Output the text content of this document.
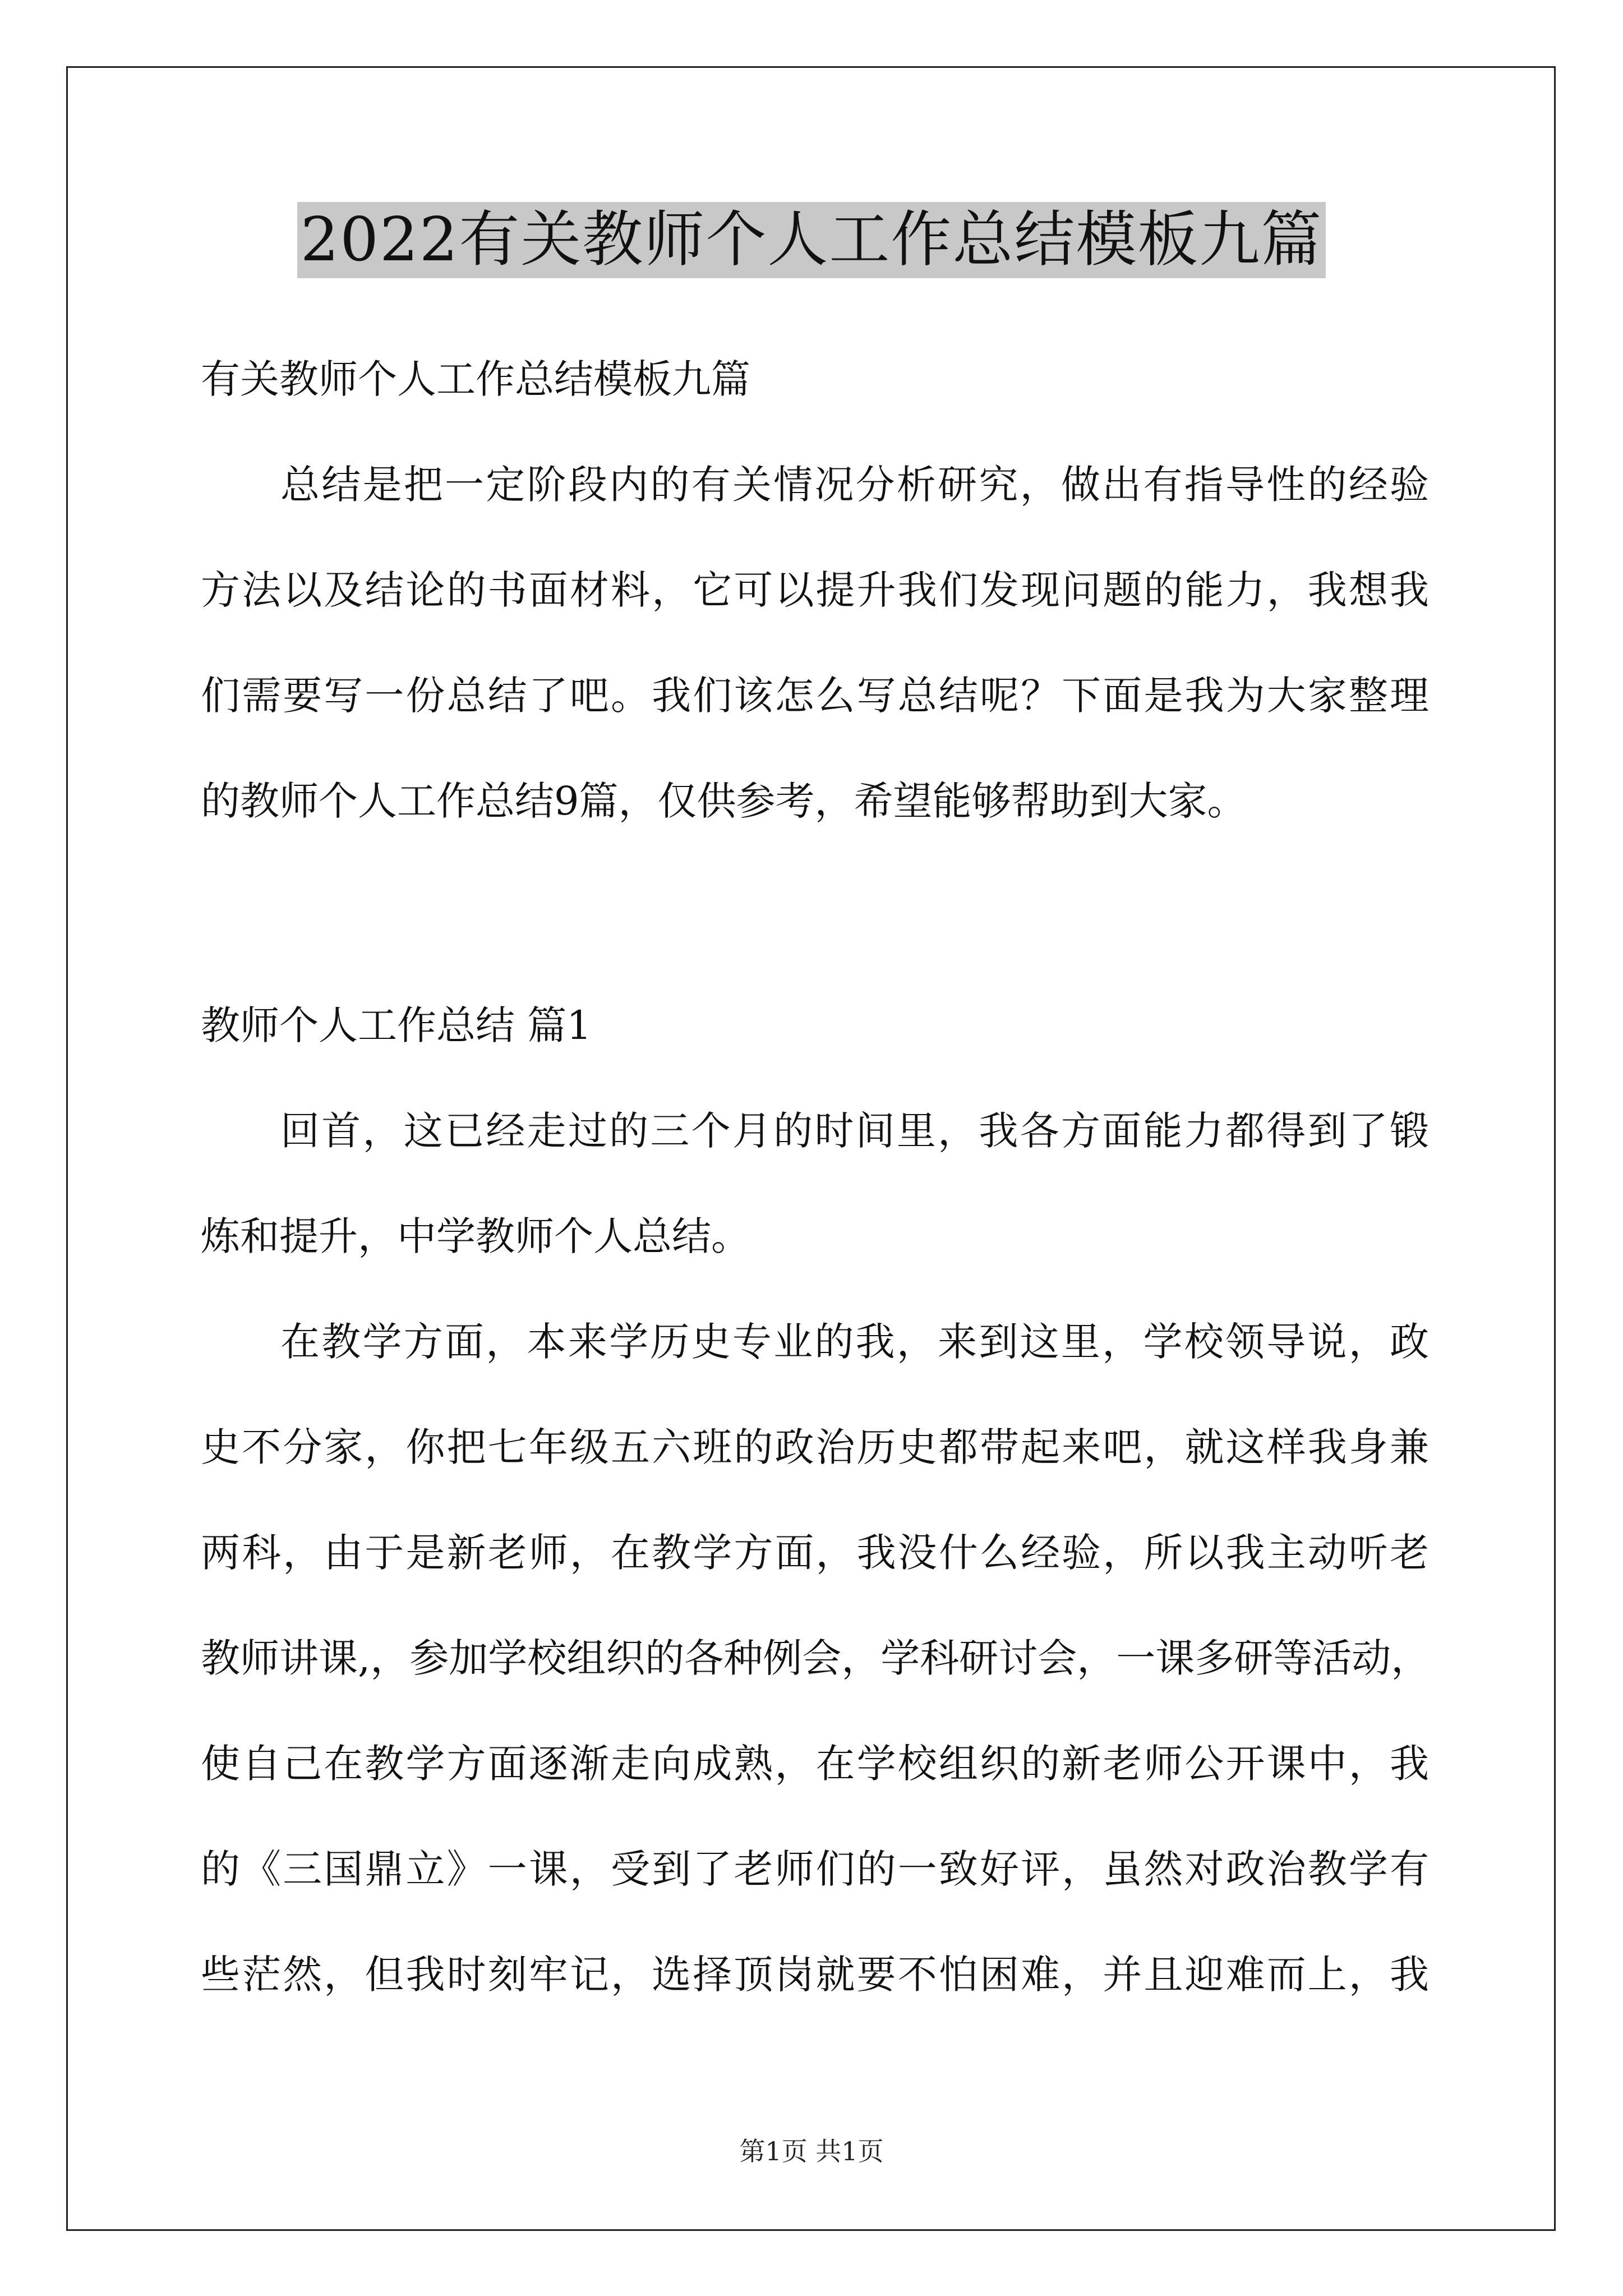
2022有关教师个人工作总结模板九篇

有关教师个人工作总结模板九篇

总结是把一定阶段内的有关情况分析研究，做出有指导性的经验
方法以及结论的书面材料，它可以提升我们发现问题的能力，我想我
们需要写一份总结了吧。我们该怎么写总结呢？下面是我为大家整理
的教师个人工作总结9篇，仅供参考，希望能够帮助到大家。

教师个人工作总结 篇1

回首，这已经走过的三个月的时间里，我各方面能力都得到了锻
炼和提升，中学教师个人总结。
在教学方面，本来学历史专业的我，来到这里，学校领导说，政
史不分家，你把七年级五六班的政治历史都带起来吧，就这样我身兼
两科，由于是新老师，在教学方面，我没什么经验，所以我主动听老
教师讲课,，参加学校组织的各种例会，学科研讨会，一课多研等活动，
使自己在教学方面逐渐走向成熟，在学校组织的新老师公开课中，我
的《三国鼎立》一课，受到了老师们的一致好评，虽然对政治教学有
些茫然，但我时刻牢记，选择顶岗就要不怕困难，并且迎难而上，我
第1页 共1页
